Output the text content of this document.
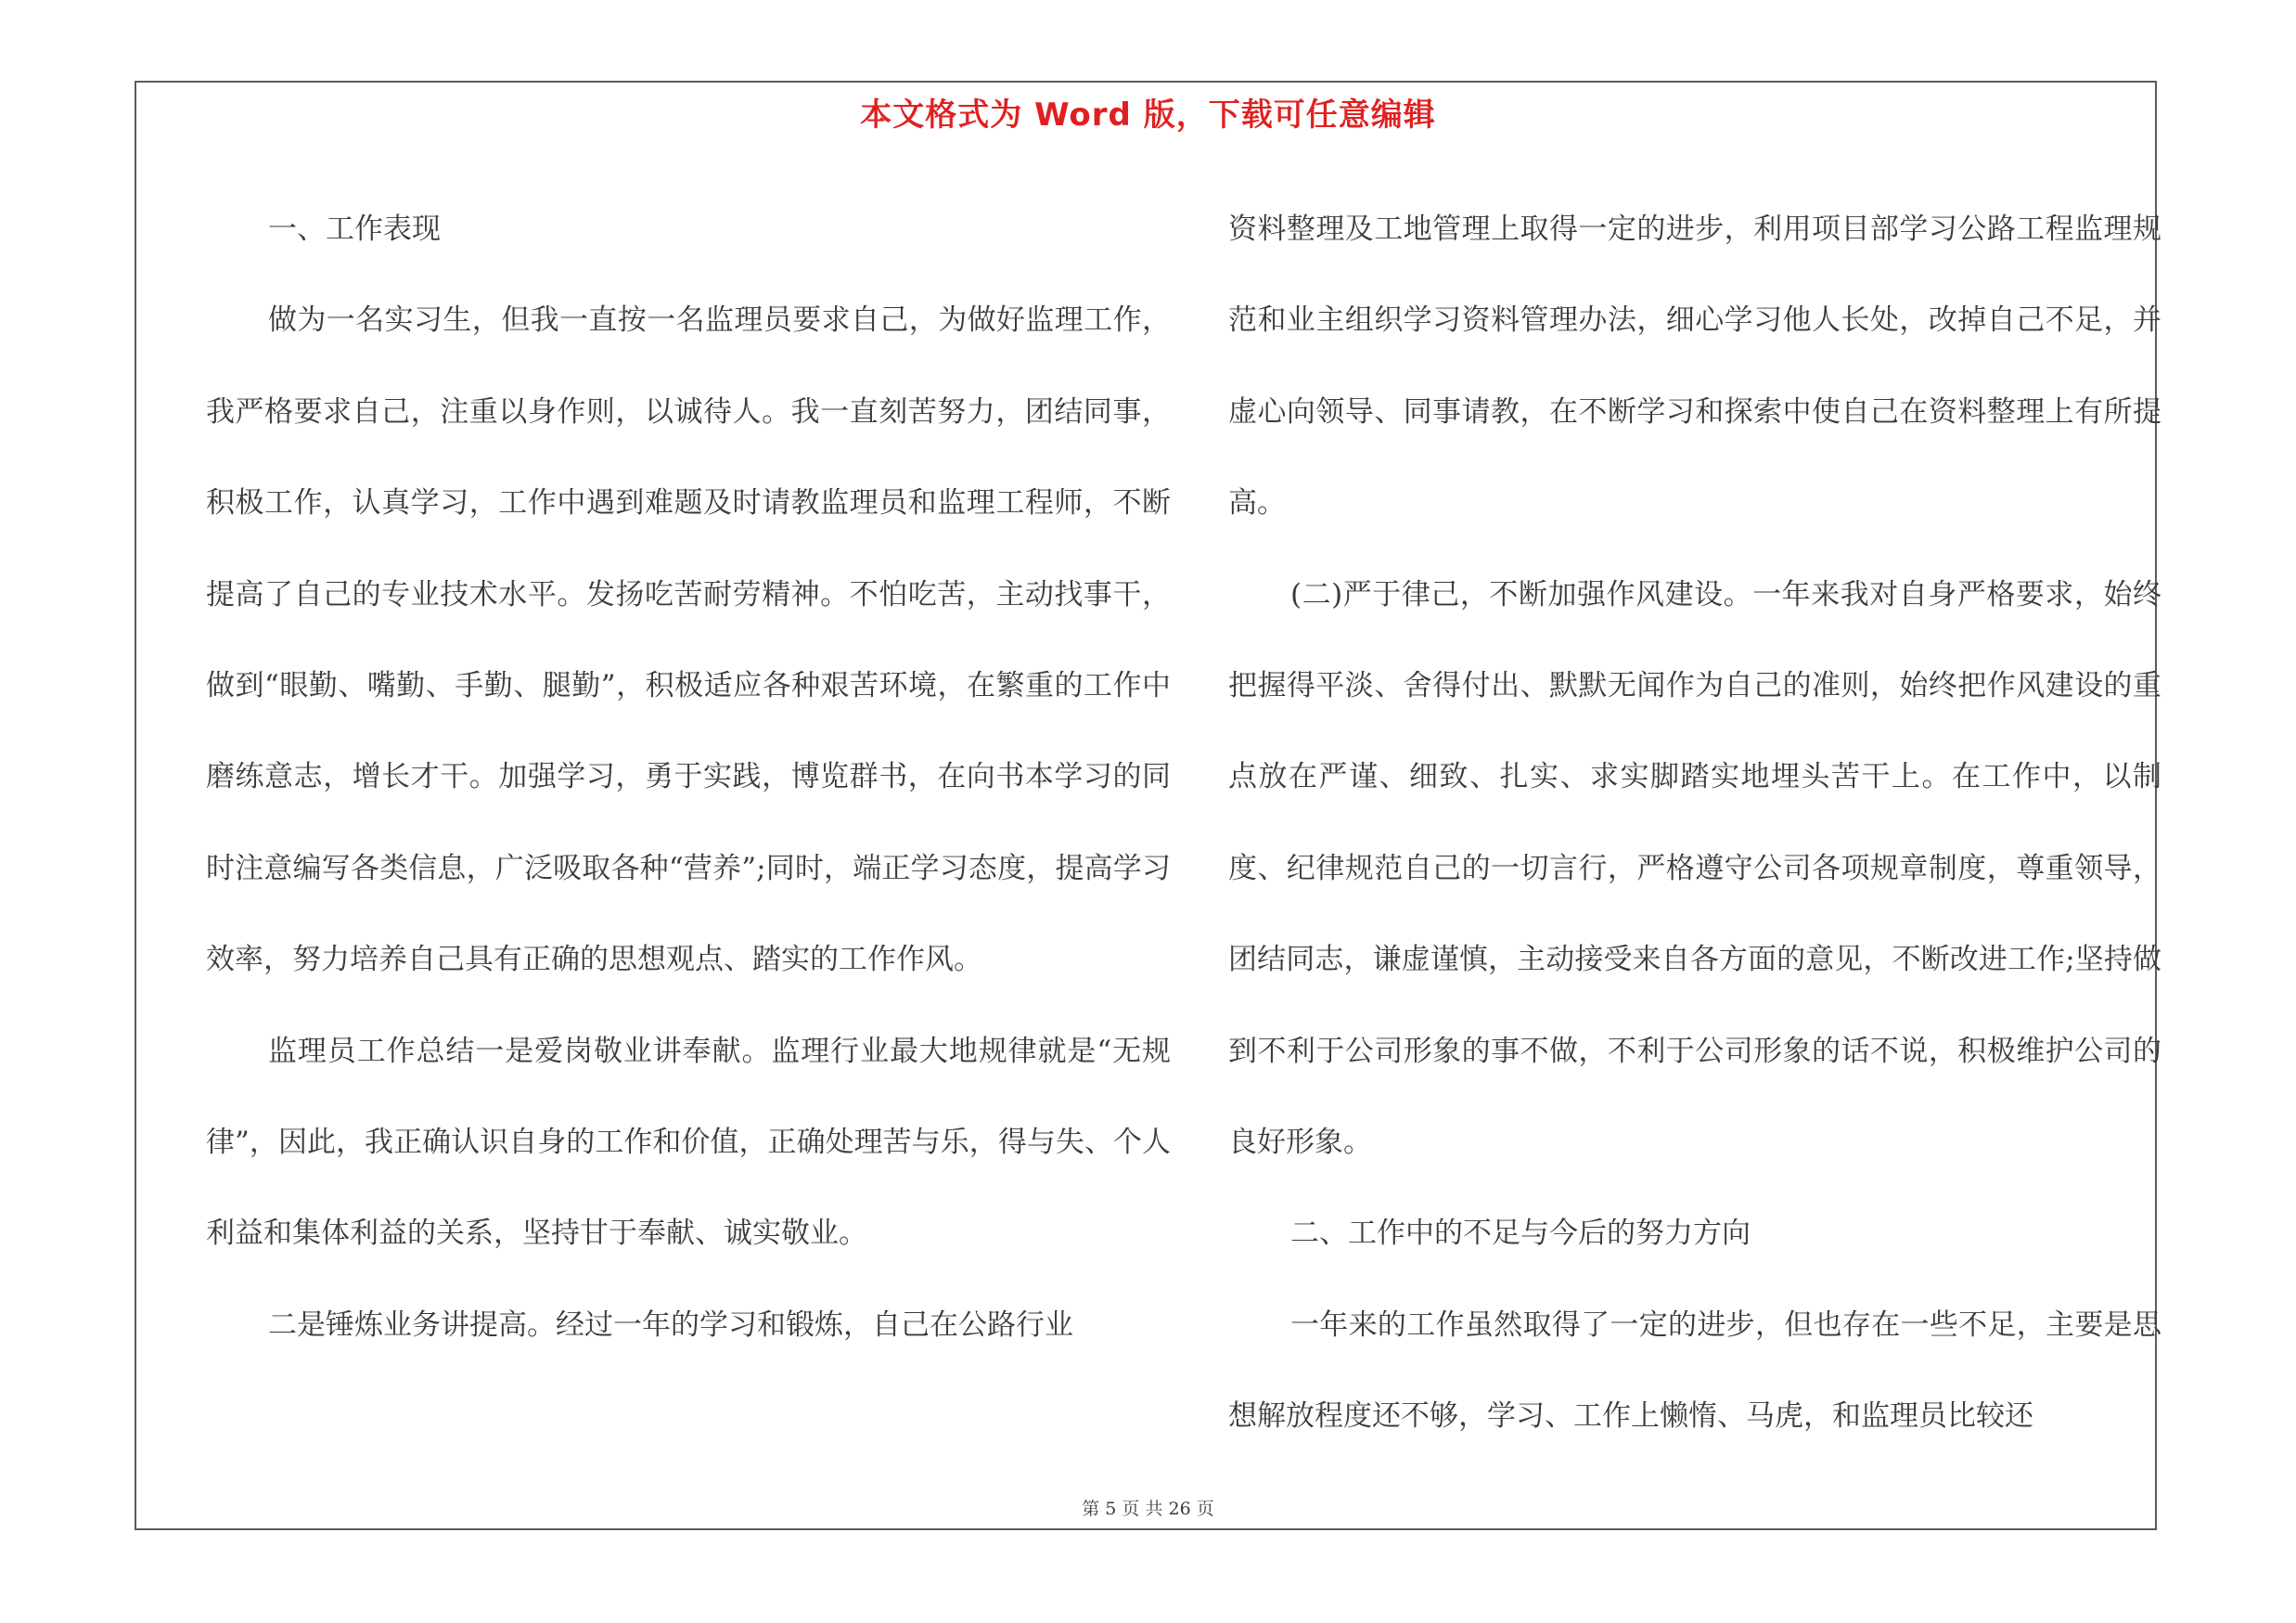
本文格式为 Word 版，下载可任意编辑

一、工作表现

做为一名实习生，但我一直按一名监理员要求自己，为做好监理工作，我严格要求自己，注重以身作则，以诚待人。我一直刻苦努力，团结同事，积极工作，认真学习，工作中遇到难题及时请教监理员和监理工程师，不断提高了自己的专业技术水平。发扬吃苦耐劳精神。不怕吃苦，主动找事干，做到“眼勤、嘴勤、手勤、腿勤”，积极适应各种艰苦环境，在繁重的工作中磨练意志，增长才干。加强学习，勇于实践，博览群书，在向书本学习的同时注意编写各类信息，广泛吸取各种“营养”;同时，端正学习态度，提高学习效率，努力培养自己具有正确的思想观点、踏实的工作作风。

监理员工作总结一是爱岗敬业讲奉献。监理行业最大地规律就是“无规律”，因此，我正确认识自身的工作和价值，正确处理苦与乐，得与失、个人利益和集体利益的关系，坚持甘于奉献、诚实敬业。

二是锤炼业务讲提高。经过一年的学习和锻炼，自己在公路行业

资料整理及工地管理上取得一定的进步，利用项目部学习公路工程监理规范和业主组织学习资料管理办法，细心学习他人长处，改掉自己不足，并虚心向领导、同事请教，在不断学习和探索中使自己在资料整理上有所提高。

(二)严于律己，不断加强作风建设。一年来我对自身严格要求，始终把握得平淡、舍得付出、默默无闻作为自己的准则，始终把作风建设的重点放在严谨、细致、扎实、求实脚踏实地埋头苦干上。在工作中，以制度、纪律规范自己的一切言行，严格遵守公司各项规章制度，尊重领导，团结同志，谦虚谨慎，主动接受来自各方面的意见，不断改进工作;坚持做到不利于公司形象的事不做，不利于公司形象的话不说，积极维护公司的良好形象。

二、工作中的不足与今后的努力方向

一年来的工作虽然取得了一定的进步，但也存在一些不足，主要是思想解放程度还不够，学习、工作上懒惰、马虎，和监理员比较还

第 5 页 共 26 页
